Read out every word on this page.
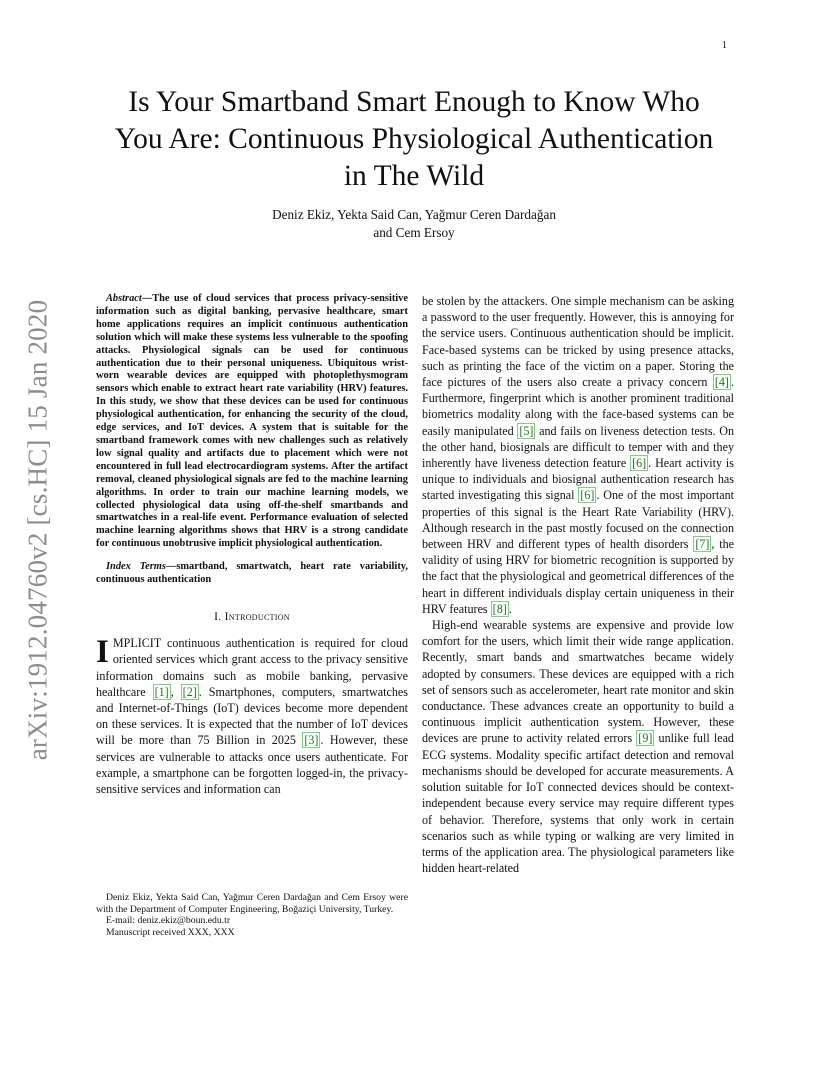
1
arXiv:1912.04760v2 [cs.HC] 15 Jan 2020
Is Your Smartband Smart Enough to Know Who You Are: Continuous Physiological Authentication in The Wild
Deniz Ekiz, Yekta Said Can, Yağmur Ceren Dardağan
and Cem Ersoy

Abstract—The use of cloud services that process privacy-sensitive information such as digital banking, pervasive healthcare, smart home applications requires an implicit continuous authentication solution which will make these systems less vulnerable to the spoofing attacks. Physiological signals can be used for continuous authentication due to their personal uniqueness. Ubiquitous wrist-worn wearable devices are equipped with photoplethysmogram sensors which enable to extract heart rate variability (HRV) features. In this study, we show that these devices can be used for continuous physiological authentication, for enhancing the security of the cloud, edge services, and IoT devices. A system that is suitable for the smartband framework comes with new challenges such as relatively low signal quality and artifacts due to placement which were not encountered in full lead electrocardiogram systems. After the artifact removal, cleaned physiological signals are fed to the machine learning algorithms. In order to train our machine learning models, we collected physiological data using off-the-shelf smartbands and smartwatches in a real-life event. Performance evaluation of selected machine learning algorithms shows that HRV is a strong candidate for continuous unobtrusive implicit physiological authentication.

Index Terms—smartband, smartwatch, heart rate variability, continuous authentication

I. Introduction

IMPLICIT continuous authentication is required for cloud oriented services which grant access to the privacy sensitive information domains such as mobile banking, pervasive healthcare [1] , [2] . Smartphones, computers, smartwatches and Internet-of-Things (IoT) devices become more dependent on these services. It is expected that the number of IoT devices will be more than 75 Billion in 2025 [3] . However, these services are vulnerable to attacks once users authenticate. For example, a smartphone can be forgotten logged-in, the privacy-sensitive services and information can

Deniz Ekiz, Yekta Said Can, Yağmur Ceren Dardağan and Cem Ersoy were with the Department of Computer Engineering, Boğaziçi University, Turkey.

E-mail: deniz.ekiz@boun.edu.tr

Manuscript received XXX, XXX

be stolen by the attackers. One simple mechanism can be asking a password to the user frequently. However, this is annoying for the service users. Continuous authentication should be implicit. Face-based systems can be tricked by using presence attacks, such as printing the face of the victim on a paper. Storing the face pictures of the users also create a privacy concern [4] . Furthermore, fingerprint which is another prominent traditional biometrics modality along with the face-based systems can be easily manipulated [5] and fails on liveness detection tests. On the other hand, biosignals are difficult to temper with and they inherently have liveness detection feature [6] . Heart activity is unique to individuals and biosignal authentication research has started investigating this signal [6] . One of the most important properties of this signal is the Heart Rate Variability (HRV). Although research in the past mostly focused on the connection between HRV and different types of health disorders [7] , the validity of using HRV for biometric recognition is supported by the fact that the physiological and geometrical differences of the heart in different individuals display certain uniqueness in their HRV features [8] .

High-end wearable systems are expensive and provide low comfort for the users, which limit their wide range application. Recently, smart bands and smartwatches became widely adopted by consumers. These devices are equipped with a rich set of sensors such as accelerometer, heart rate monitor and skin conductance. These advances create an opportunity to build a continuous implicit authentication system. However, these devices are prune to activity related errors [9] unlike full lead ECG systems. Modality specific artifact detection and removal mechanisms should be developed for accurate measurements. A solution suitable for IoT connected devices should be context-independent because every service may require different types of behavior. Therefore, systems that only work in certain scenarios such as while typing or walking are very limited in terms of the application area. The physiological parameters like hidden heart-related
